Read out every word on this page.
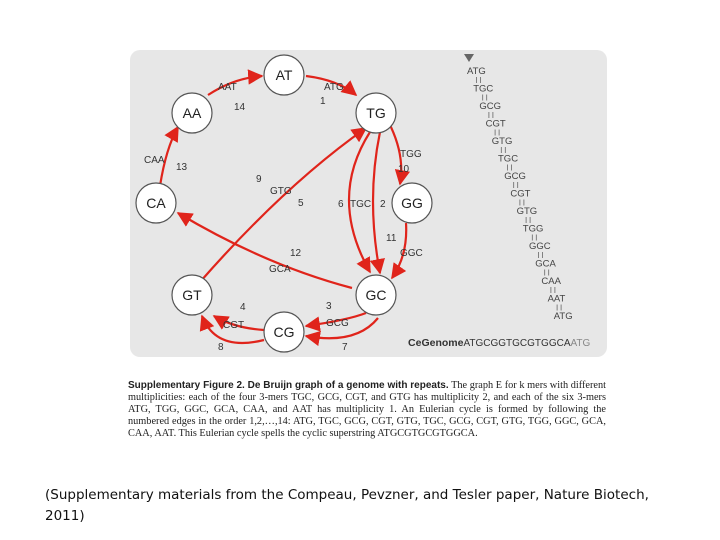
AT
TG
GG
GC
CG
GT
CA
AA
ATG
AAT
CAA
TGG
GGC
TGC
GTG
GCA
GCG
CGT
1
2
3
4
5	6
7
8
9
10
11
12
13
14
ATG
TGC
GCG
CGT
GTG
TGC
GCG
CGT
GTG
TGG
GGC
GCA
CAA
AAT
ATG
CeGenomeATGCGGTGCGTGGCAATG
Supplementary Figure 2. De Bruijn graph of a genome with repeats. The graph E for k mers with different multiplicities: each of the four 3-mers TGC, GCG, CGT, and GTG has multiplicity 2, and each of the six 3-mers ATG, TGG, GGC, GCA, CAA, and AAT has multiplicity 1. An Eulerian cycle is formed by following the numbered edges in the order 1,2,…,14: ATG, TGC, GCG, CGT, GTG, TGC, GCG, CGT, GTG, TGG, GGC, GCA, CAA, AAT. This Eulerian cycle spells the cyclic superstring ATGCGTGCGTGGCA.
(Supplementary materials from the Compeau, Pevzner, and Tesler paper, Nature Biotech, 2011)
